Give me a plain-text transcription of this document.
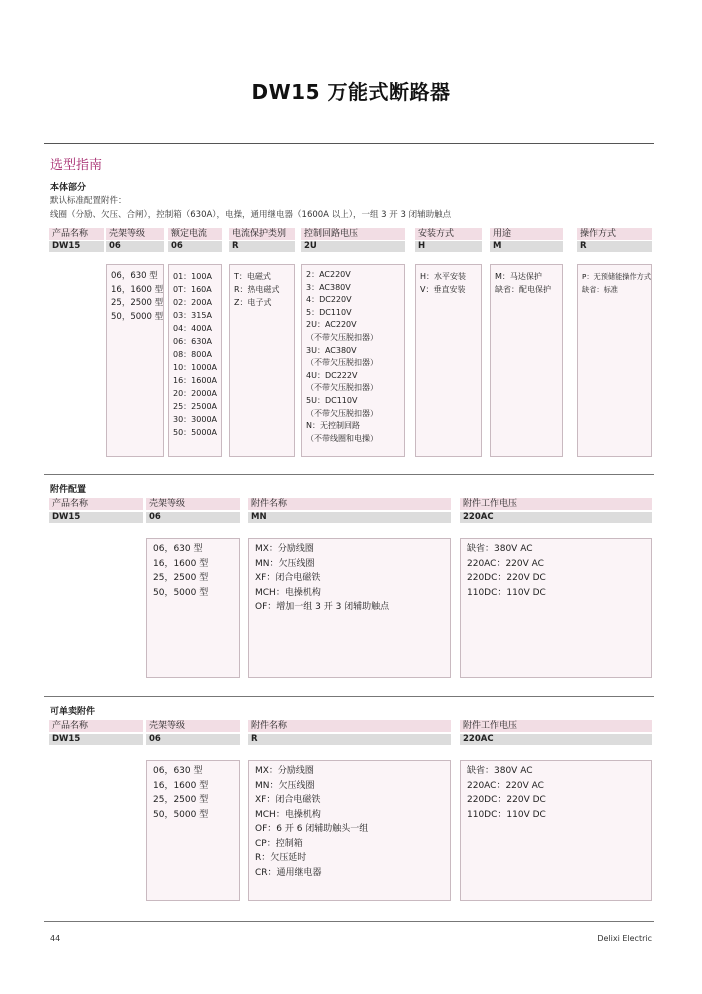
DW15 万能式断路器
选型指南
本体部分
默认标准配置附件：
线圈（分励、欠压、合闸），控制箱（630A），电操，通用继电器（1600A 以上），一组 3 开 3 闭辅助触点
产品名称	壳架等级	额定电流	电流保护类别	控制回路电压	安装方式	用途	操作方式
DW15	06	06	R	2U	H	M	R
06，630 型
16，1600 型
25，2500 型
50，5000 型
01：100A
0T：160A
02：200A
03：315A
04：400A
06：630A
08：800A
10：1000A
16：1600A
20：2000A
25：2500A
30：3000A
50：5000A
T：电磁式
R：热电磁式
Z：电子式
2：AC220V
3：AC380V
4：DC220V
5：DC110V
2U：AC220V
（不带欠压脱扣器）
3U：AC380V
（不带欠压脱扣器）
4U：DC222V
（不带欠压脱扣器）
5U：DC110V
（不带欠压脱扣器）
N：无控制回路
（不带线圈和电操）
H：水平安装
V：垂直安装
M：马达保护
缺省：配电保护
P：无预储能操作方式
缺省：标准
附件配置
产品名称	壳架等级	附件名称	附件工作电压
DW15	06	MN	220AC
06，630 型
16，1600 型
25，2500 型
50，5000 型
MX：分励线圈
MN：欠压线圈
XF：闭合电磁铁
MCH：电操机构
OF：增加一组 3 开 3 闭辅助触点
缺省：380V AC
220AC：220V AC
220DC：220V DC
110DC：110V DC
可单卖附件
产品名称	壳架等级	附件名称	附件工作电压
DW15	06	R	220AC
06，630 型
16，1600 型
25，2500 型
50，5000 型
MX：分励线圈
MN：欠压线圈
XF：闭合电磁铁
MCH：电操机构
OF：6 开 6 闭辅助触头一组
CP：控制箱
R：欠压延时
CR：通用继电器
缺省：380V AC
220AC：220V AC
220DC：220V DC
110DC：110V DC
44	Delixi Electric
